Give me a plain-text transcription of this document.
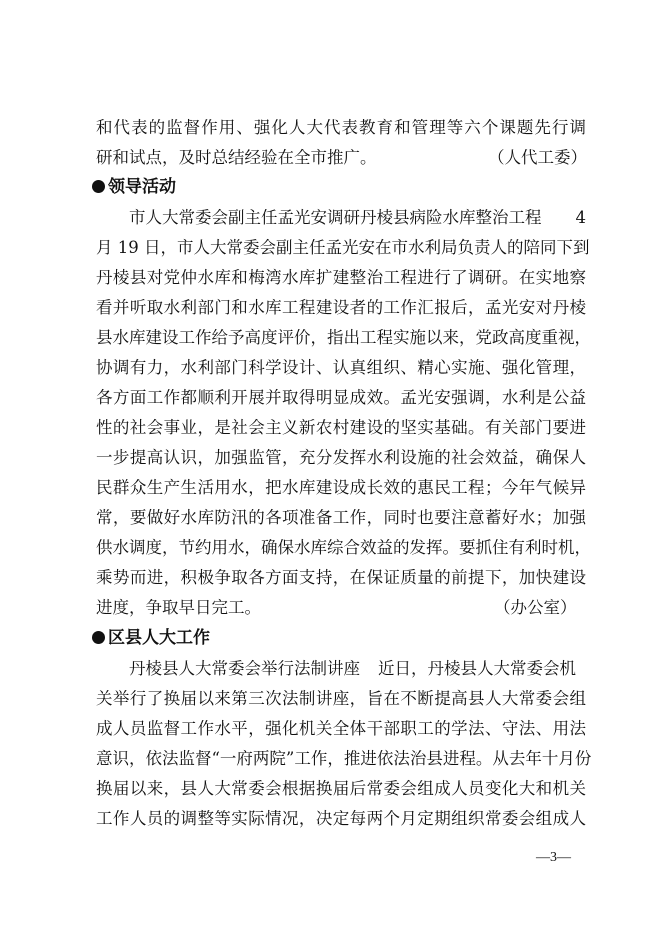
和代表的监督作用、强化人大代表教育和管理等六个课题先行调
研和试点，及时总结经验在全市推广。	（人代工委）
领导活动
市人大常委会副主任孟光安调研丹棱县病险水库整治工程 4
月 19 日，市人大常委会副主任孟光安在市水利局负责人的陪同下到
丹棱县对党仲水库和梅湾水库扩建整治工程进行了调研。在实地察
看并听取水利部门和水库工程建设者的工作汇报后，孟光安对丹棱
县水库建设工作给予高度评价，指出工程实施以来，党政高度重视，
协调有力，水利部门科学设计、认真组织、精心实施、强化管理，
各方面工作都顺利开展并取得明显成效。孟光安强调，水利是公益
性的社会事业，是社会主义新农村建设的坚实基础。有关部门要进
一步提高认识，加强监管，充分发挥水利设施的社会效益，确保人
民群众生产生活用水，把水库建设成长效的惠民工程；今年气候异
常，要做好水库防汛的各项准备工作，同时也要注意蓄好水；加强
供水调度，节约用水，确保水库综合效益的发挥。要抓住有利时机，
乘势而进，积极争取各方面支持，在保证质量的前提下，加快建设
进度，争取早日完工。	（办公室）
区县人大工作
丹棱县人大常委会举行法制讲座 近日，丹棱县人大常委会机
关举行了换届以来第三次法制讲座，旨在不断提高县人大常委会组
成人员监督工作水平，强化机关全体干部职工的学法、守法、用法
意识，依法监督“一府两院”工作，推进依法治县进程。从去年十月份
换届以来，县人大常委会根据换届后常委会组成人员变化大和机关
工作人员的调整等实际情况，决定每两个月定期组织常委会组成人
—3—
